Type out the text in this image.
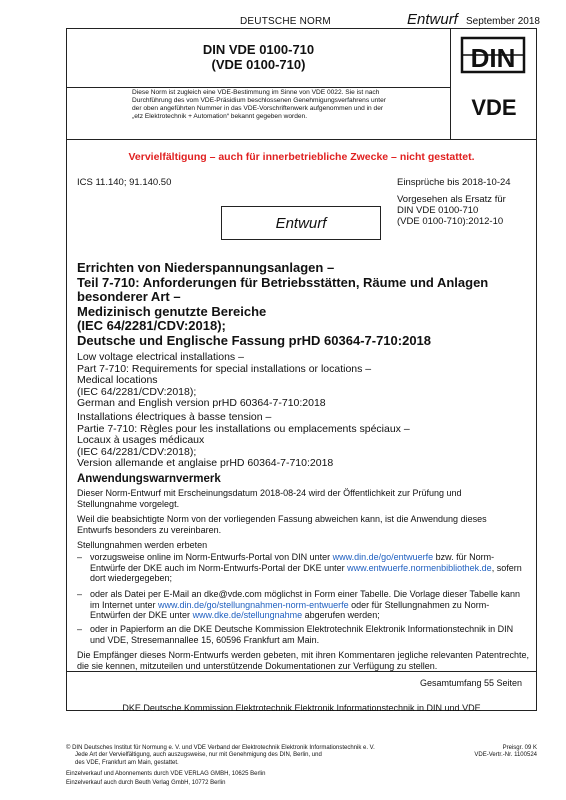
DEUTSCHE NORM	Entwurf September 2018
DIN VDE 0100-710
(VDE 0100-710)	DIN
Diese Norm ist zugleich eine VDE-Bestimmung im Sinne von VDE 0022. Sie ist nach
Durchführung des vom VDE-Präsidium beschlossenen Genehmigungsverfahrens unter
der oben angeführten Nummer in das VDE-Vorschriftenwerk aufgenommen und in der
„etz Elektrotechnik + Automation“ bekannt gegeben worden.	VDE
Vervielfältigung – auch für innerbetriebliche Zwecke – nicht gestattet.
ICS 11.140; 91.140.50	Einsprüche bis 2018-10-24
Vorgesehen als Ersatz für
DIN VDE 0100-710
(VDE 0100-710):2012-10
Entwurf
Errichten von Niederspannungsanlagen –
Teil 7-710: Anforderungen für Betriebsstätten, Räume und Anlagen
besonderer Art –
Medizinisch genutzte Bereiche
(IEC 64/2281/CDV:2018);
Deutsche und Englische Fassung prHD 60364-7-710:2018
Low voltage electrical installations –
Part 7-710: Requirements for special installations or locations –
Medical locations
(IEC 64/2281/CDV:2018);
German and English version prHD 60364-7-710:2018
Installations électriques à basse tension –
Partie 7-710: Règles pour les installations ou emplacements spéciaux –
Locaux à usages médicaux
(IEC 64/2281/CDV:2018);
Version allemande et anglaise prHD 60364-7-710:2018
Anwendungswarnvermerk
Dieser Norm-Entwurf mit Erscheinungsdatum 2018-08-24 wird der Öffentlichkeit zur Prüfung und
Stellungnahme vorgelegt.
Weil die beabsichtigte Norm von der vorliegenden Fassung abweichen kann, ist die Anwendung dieses
Entwurfs besonders zu vereinbaren.
Stellungnahmen werden erbeten
– vorzugsweise online im Norm-Entwurfs-Portal von DIN unter www.din.de/go/entwuerfe bzw. für Norm-Entwürfe der DKE auch im Norm-Entwurfs-Portal der DKE unter www.entwuerfe.normenbibliothek.de, sofern dort wiedergegeben;
– oder als Datei per E-Mail an dke@vde.com möglichst in Form einer Tabelle. Die Vorlage dieser Tabelle kann im Internet unter www.din.de/go/stellungnahmen-norm-entwuerfe oder für Stellungnahmen zu Norm-Entwürfen der DKE unter www.dke.de/stellungnahme abgerufen werden;
– oder in Papierform an die DKE Deutsche Kommission Elektrotechnik Elektronik Informationstechnik in DIN und VDE, Stresemannallee 15, 60596 Frankfurt am Main.
Die Empfänger dieses Norm-Entwurfs werden gebeten, mit ihren Kommentaren jegliche relevanten Patentrechte, die sie kennen, mitzuteilen und unterstützende Dokumentationen zur Verfügung zu stellen.
Gesamtumfang 55 Seiten
DKE Deutsche Kommission Elektrotechnik Elektronik Informationstechnik in DIN und VDE
© DIN Deutsches Institut für Normung e. V. und VDE Verband der Elektrotechnik Elektronik Informationstechnik e. V.
Jede Art der Vervielfältigung, auch auszugsweise, nur mit Genehmigung des DIN, Berlin, und
des VDE, Frankfurt am Main, gestattet.
Einzelverkauf und Abonnements durch VDE VERLAG GMBH, 10625 Berlin
Einzelverkauf auch durch Beuth Verlag GmbH, 10772 Berlin
Preisgr. 09 K
VDE-Vertr.-Nr. 1100524
